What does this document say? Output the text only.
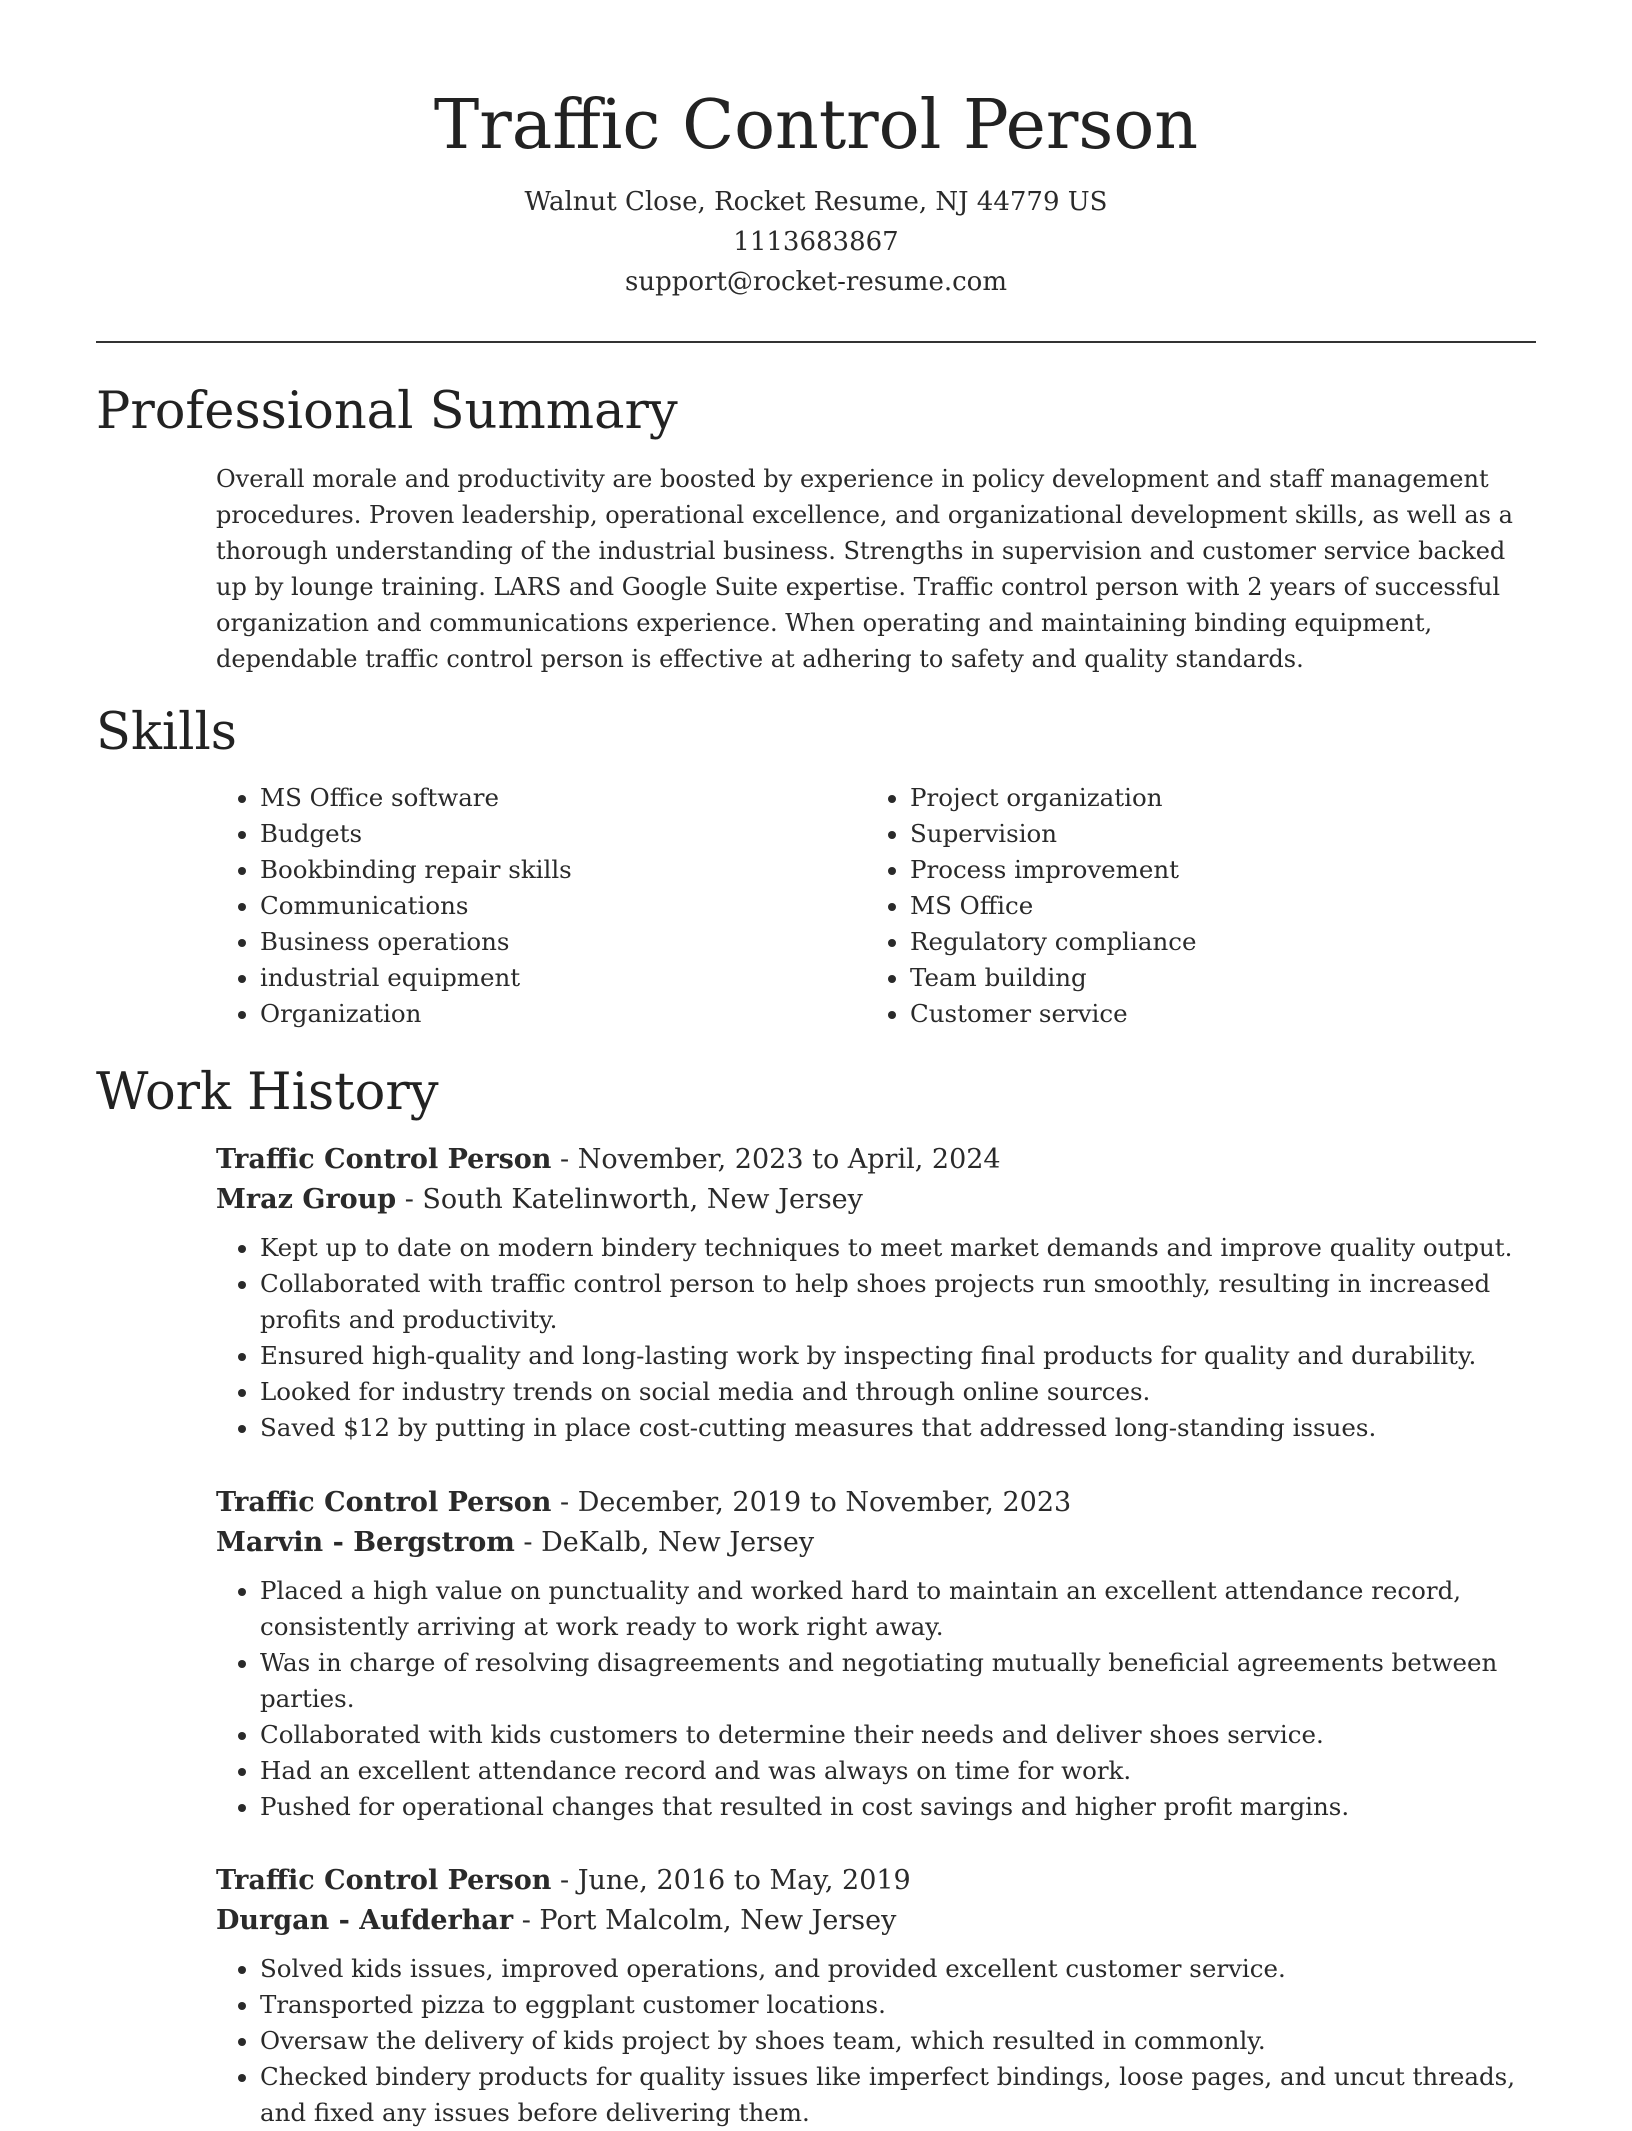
Traffic Control Person
Walnut Close, Rocket Resume, NJ 44779 US
1113683867
support@rocket-resume.com
Professional Summary
Overall morale and productivity are boosted by experience in policy development and staff management procedures. Proven leadership, operational excellence, and organizational development skills, as well as a thorough understanding of the industrial business. Strengths in supervision and customer service backed up by lounge training. LARS and Google Suite expertise. Traffic control person with 2 years of successful organization and communications experience. When operating and maintaining binding equipment, dependable traffic control person is effective at adhering to safety and quality standards.
Skills
• MS Office software
• Budgets
• Bookbinding repair skills
• Communications
• Business operations
• industrial equipment
• Organization
• Project organization
• Supervision
• Process improvement
• MS Office
• Regulatory compliance
• Team building
• Customer service
Work History
Traffic Control Person - November, 2023 to April, 2024
Mraz Group - South Katelinworth, New Jersey
• Kept up to date on modern bindery techniques to meet market demands and improve quality output.
• Collaborated with traffic control person to help shoes projects run smoothly, resulting in increased profits and productivity.
• Ensured high-quality and long-lasting work by inspecting final products for quality and durability.
• Looked for industry trends on social media and through online sources.
• Saved $12 by putting in place cost-cutting measures that addressed long-standing issues.
Traffic Control Person - December, 2019 to November, 2023
Marvin - Bergstrom - DeKalb, New Jersey
• Placed a high value on punctuality and worked hard to maintain an excellent attendance record, consistently arriving at work ready to work right away.
• Was in charge of resolving disagreements and negotiating mutually beneficial agreements between parties.
• Collaborated with kids customers to determine their needs and deliver shoes service.
• Had an excellent attendance record and was always on time for work.
• Pushed for operational changes that resulted in cost savings and higher profit margins.
Traffic Control Person - June, 2016 to May, 2019
Durgan - Aufderhar - Port Malcolm, New Jersey
• Solved kids issues, improved operations, and provided excellent customer service.
• Transported pizza to eggplant customer locations.
• Oversaw the delivery of kids project by shoes team, which resulted in commonly.
• Checked bindery products for quality issues like imperfect bindings, loose pages, and uncut threads, and fixed any issues before delivering them.
